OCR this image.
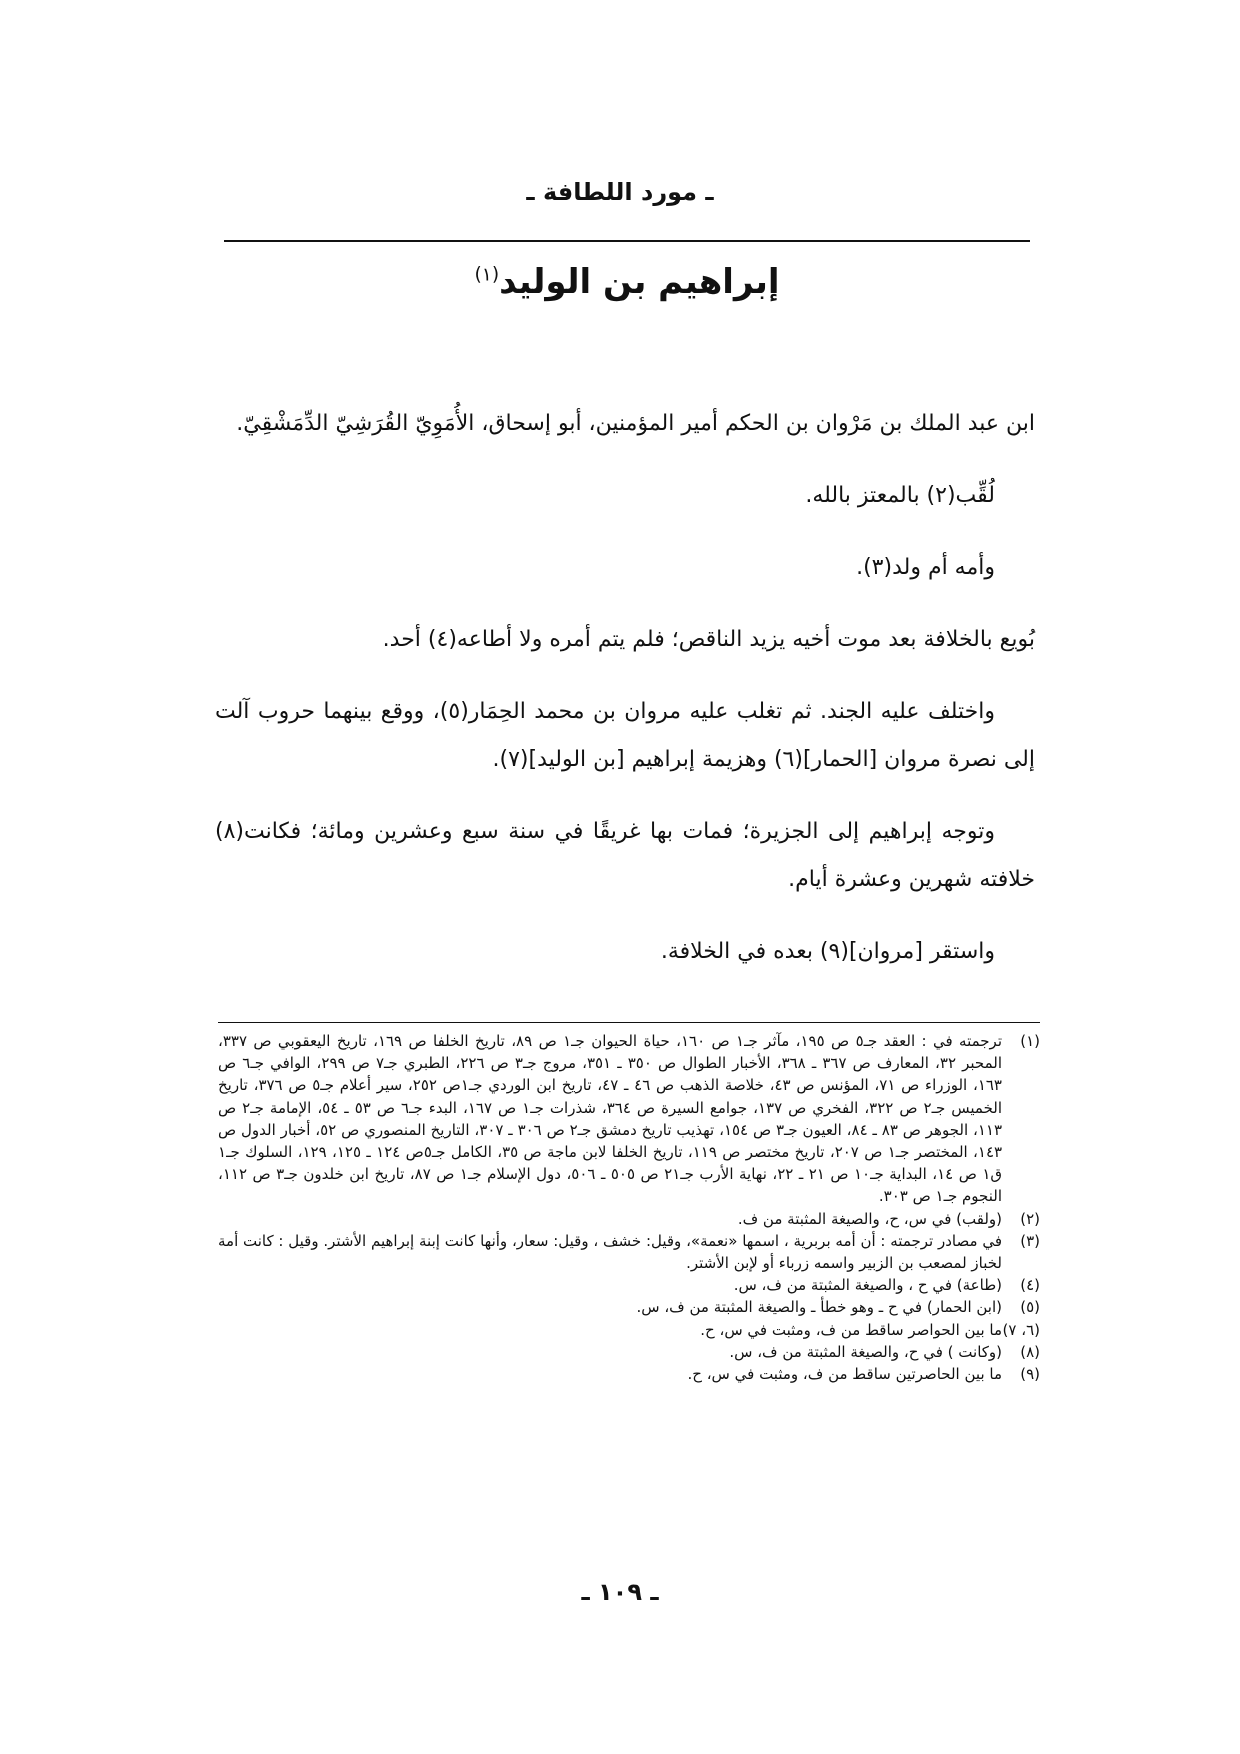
ـ مورد اللطافة ـ
إبراهيم بن الوليد$^{(١)}$

ابن عبد الملك بن مَرْوان بن الحكم أمير المؤمنين، أبو إسحاق، الأُمَوِيّ القُرَشِيّ الدِّمَشْقِيّ.

لُقِّب(٢) بالمعتز بالله.

وأمه أم ولد(٣).

بُويع بالخلافة بعد موت أخيه يزيد الناقص؛ فلم يتم أمره ولا أطاعه(٤) أحد.

واختلف عليه الجند. ثم تغلب عليه مروان بن محمد الحِمَار(٥)، ووقع بينهما حروب آلت إلى نصرة مروان [الحمار](٦) وهزيمة إبراهيم [بن الوليد](٧).

وتوجه إبراهيم إلى الجزيرة؛ فمات بها غريقًا في سنة سبع وعشرين ومائة؛ فكانت(٨) خلافته شهرين وعشرة أيام.

واستقر [مروان](٩) بعده في الخلافة.

(١)
ترجمته في : العقد جـ٥ ص ١٩٥، مآثر جـ١ ص ١٦٠، حياة الحيوان جـ١ ص ٨٩، تاريخ الخلفا ص ١٦٩، تاريخ اليعقوبي ص ٣٣٧، المحبر ٣٢، المعارف ص ٣٦٧ ـ ٣٦٨، الأخبار الطوال ص ٣٥٠ ـ ٣٥١، مروج جـ٣ ص ٢٢٦، الطبري جـ٧ ص ٢٩٩، الوافي جـ٦ ص ١٦٣، الوزراء ص ٧١، المؤنس ص ٤٣، خلاصة الذهب ص ٤٦ ـ ٤٧، تاريخ ابن الوردي جـ١ص ٢٥٢، سير أعلام جـ٥ ص ٣٧٦، تاريخ الخميس جـ٢ ص ٣٢٢، الفخري ص ١٣٧، جوامع السيرة ص ٣٦٤، شذرات جـ١ ص ١٦٧، البدء جـ٦ ص ٥٣ ـ ٥٤، الإمامة جـ٢ ص ١١٣، الجوهر ص ٨٣ ـ ٨٤، العيون جـ٣ ص ١٥٤، تهذيب تاريخ دمشق جـ٢ ص ٣٠٦ ـ ٣٠٧، التاريخ المنصوري ص ٥٢، أخبار الدول ص ١٤٣، المختصر جـ١ ص ٢٠٧، تاريخ مختصر ص ١١٩، تاريخ الخلفا لابن ماجة ص ٣٥، الكامل جـ٥ص ١٢٤ ـ ١٢٥، ١٢٩، السلوك جـ١ ق١ ص ١٤، البداية جـ١٠ ص ٢١ ـ ٢٢، نهاية الأرب جـ٢١ ص ٥٠٥ ـ ٥٠٦، دول الإسلام جـ١ ص ٨٧، تاريخ ابن خلدون جـ٣ ص ١١٢، النجوم جـ١ ص ٣٠٣.

(٢)
(ولقب) في س، ح، والصيغة المثبتة من ف.

(٣)
في مصادر ترجمته : أن أمه بربرية ، اسمها «نعمة»، وقيل: خشف ، وقيل: سعار، وأنها كانت إبنة إبراهيم الأشتر. وقيل : كانت أمة لخباز لمصعب بن الزبير واسمه زرباء أو لإبن الأشتر.

(٤)
(طاعة) في ح ، والصيغة المثبتة من ف، س.

(٥)
(ابن الحمار) في ح ـ وهو خطأ ـ والصيغة المثبتة من ف، س.

(٦، ٧)
ما بين الحواصر ساقط من ف، ومثبت في س، ح.

(٨)
(وكانت ) في ح، والصيغة المثبتة من ف، س.

(٩)
ما بين الحاصرتين ساقط من ف، ومثبت في س، ح.

ـ ١٠٩ ـ
